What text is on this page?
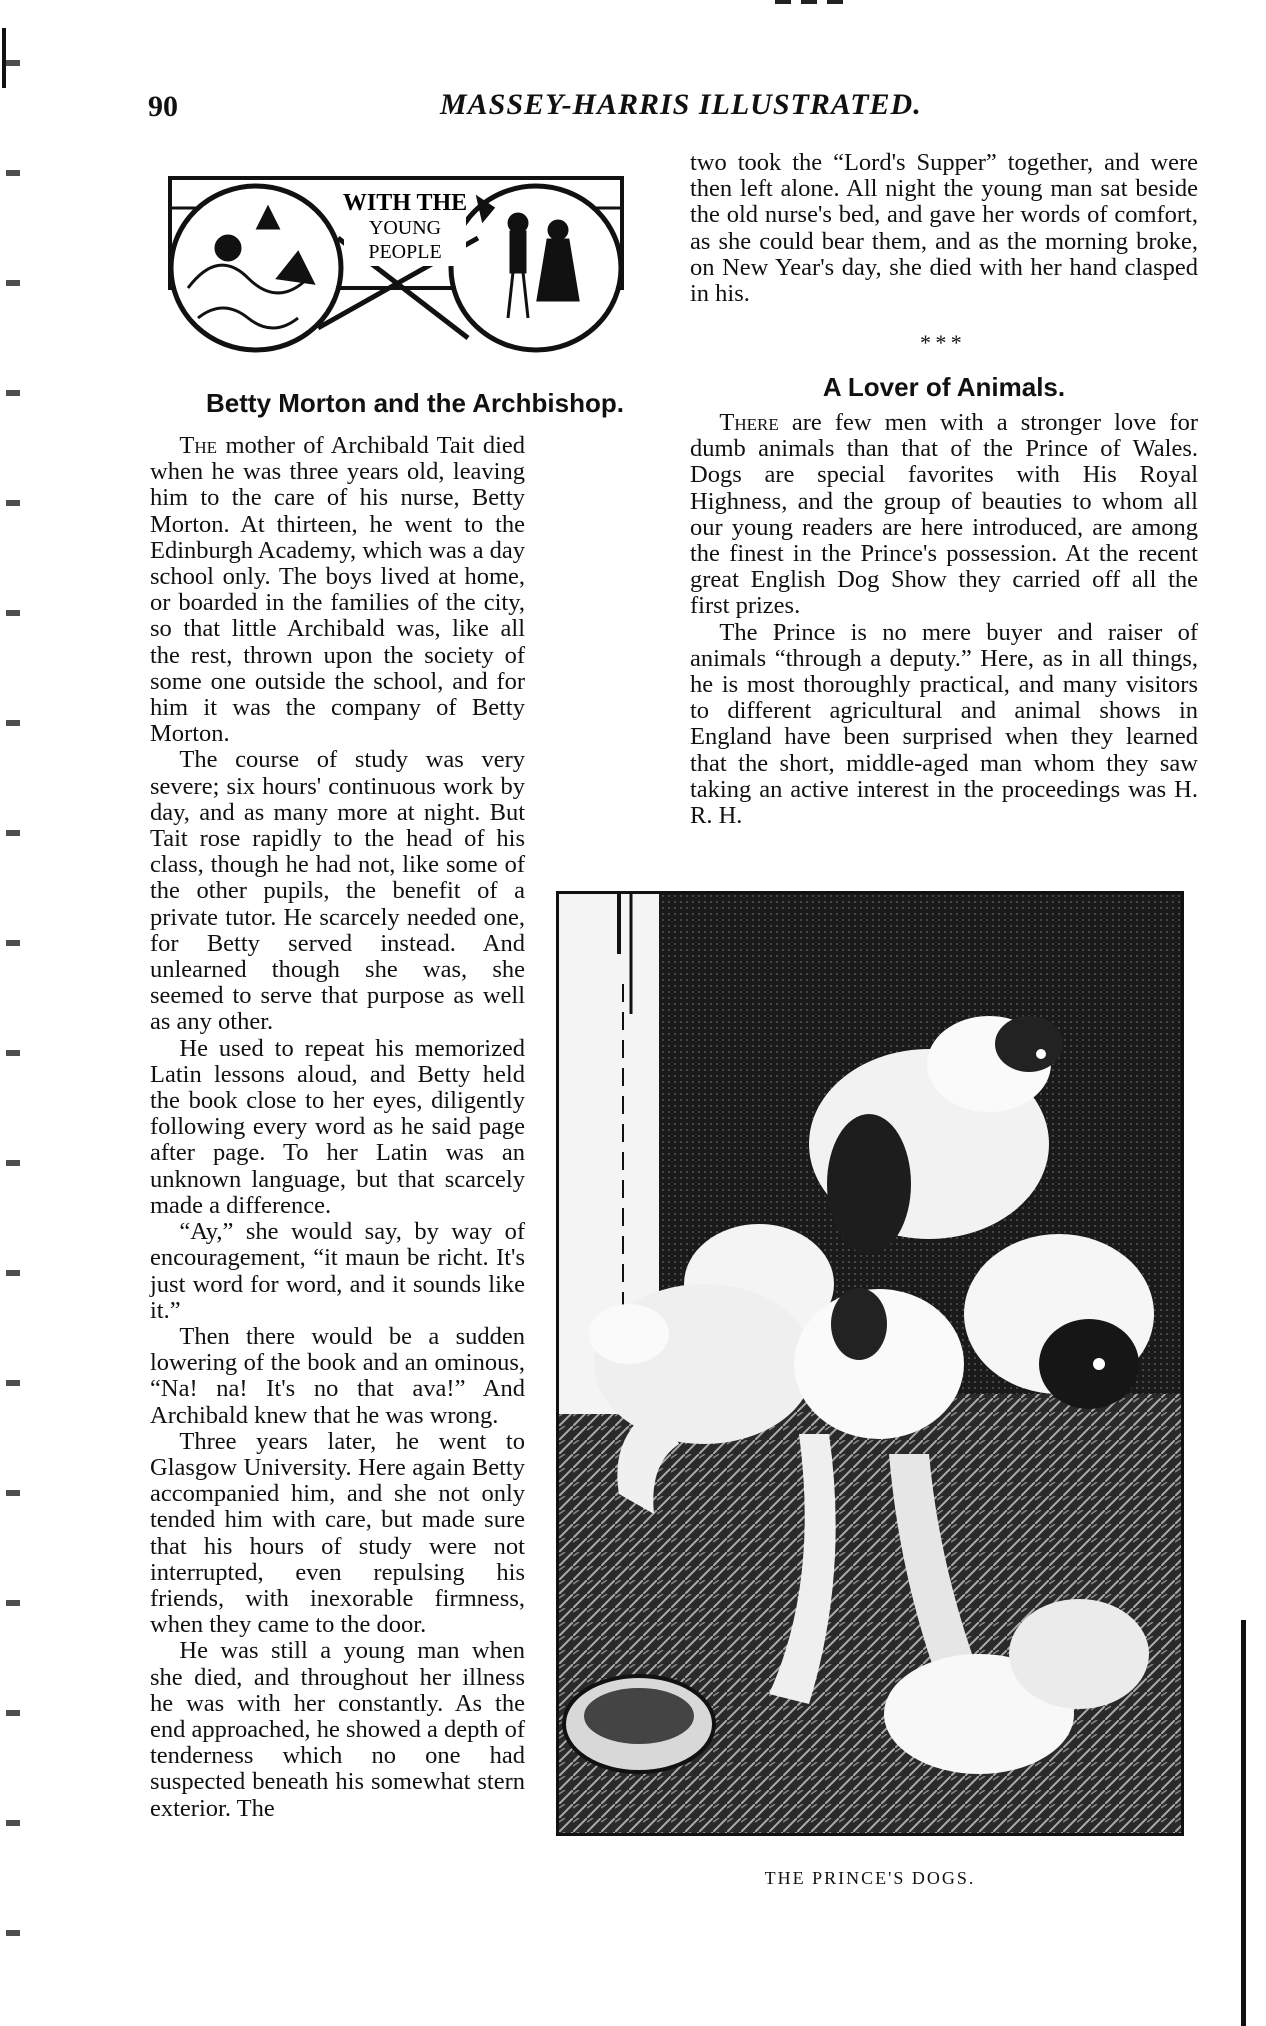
90	MASSEY-HARRIS ILLUSTRATED.
WITH THE
YOUNG
PEOPLE

two took the “Lord's Supper” together, and were then left alone. All night the young man sat beside the old nurse's bed, and gave her words of comfort, as she could bear them, and as the morning broke, on New Year's day, she died with her hand clasped in his.

* * *
Betty Morton and the Archbishop.

The mother of Archibald Tait died when he was three years old, leaving him to the care of his nurse, Betty Morton. At thirteen, he went to the Edinburgh Academy, which was a day school only. The boys lived at home, or boarded in the families of the city, so that little Archibald was, like all the rest, thrown upon the society of some one outside the school, and for him it was the company of Betty Morton.

The course of study was very severe; six hours' continuous work by day, and as many more at night. But Tait rose rapidly to the head of his class, though he had not, like some of the other pupils, the benefit of a private tutor. He scarcely needed one, for Betty served instead. And unlearned though she was, she seemed to serve that purpose as well as any other.

He used to repeat his memorized Latin lessons aloud, and Betty held the book close to her eyes, diligently following every word as he said page after page. To her Latin was an unknown language, but that scarcely made a difference.

“Ay,” she would say, by way of encouragement, “it maun be richt. It's just word for word, and it sounds like it.”

Then there would be a sudden lowering of the book and an ominous, “Na! na! It's no that ava!” And Archibald knew that he was wrong.

Three years later, he went to Glasgow University. Here again Betty accompanied him, and she not only tended him with care, but made sure that his hours of study were not interrupted, even repulsing his friends, with inexorable firmness, when they came to the door.

He was still a young man when she died, and throughout her illness he was with her constantly. As the end approached, he showed a depth of tenderness which no one had suspected beneath his somewhat stern exterior. The

A Lover of Animals.

There are few men with a stronger love for dumb animals than that of the Prince of Wales. Dogs are special favorites with His Royal Highness, and the group of beauties to whom all our young readers are here introduced, are among the finest in the Prince's possession. At the recent great English Dog Show they carried off all the first prizes.

The Prince is no mere buyer and raiser of animals “through a deputy.” Here, as in all things, he is most thoroughly practical, and many visitors to different agricultural and animal shows in England have been surprised when they learned that the short, middle-aged man whom they saw taking an active interest in the proceedings was H. R. H.

THE PRINCE'S DOGS.
